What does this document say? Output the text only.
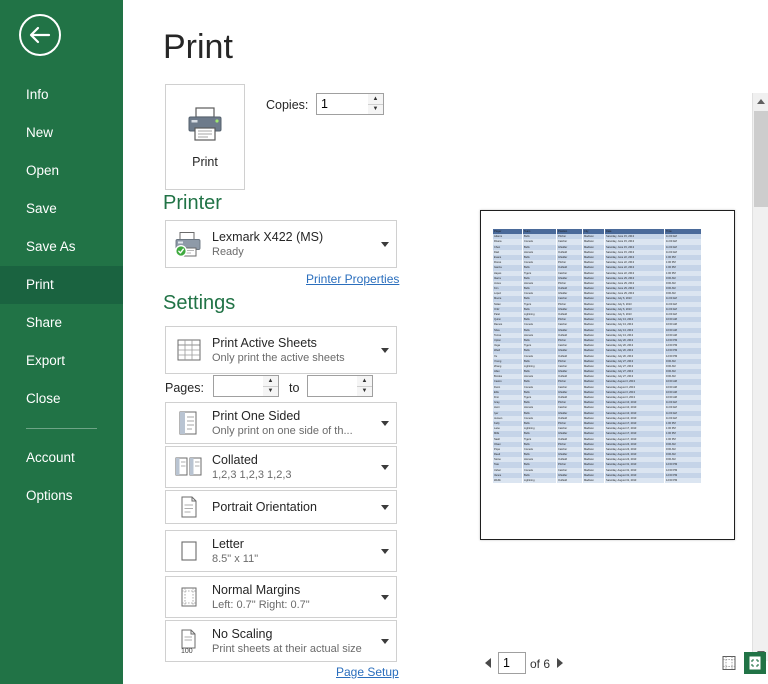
Info
New
Open
Save
Save As
Print
Share
Export
Close
Account
Options
Print
Print
Copies:
1	▲
▼
Printer
Lexmark X422 (MS)
Ready
Printer Properties
Settings
Print Active Sheets
Only print the active sheets
Pages:
▲
▼	to
▲
▼
Print One Sided
Only print on one side of th...
Collated
1,2,3 1,2,3 1,2,3
Portrait Orientation
Letter
8.5" x 11"
Normal Margins
Left: 0.7" Right: 0.7"
100
No Scaling
Print sheets at their actual size
Page Setup
Player	Team	Position	City	Date	Time
Adams	Bulls	Pitcher	Madison	Saturday, June 15, 2013	11:00 AM
Rivera	Comets	Catcher	Madison	Saturday, June 15, 2013	11:00 AM
Chen	Bulls	Infielder	Madison	Saturday, June 15, 2013	11:00 AM
Diaz	Hornets	Outfield	Madison	Saturday, June 15, 2013	11:00 AM
Evans	Bulls	Infielder	Madison	Saturday, June 22, 2013	1:00 PM
Flores	Comets	Pitcher	Madison	Saturday, June 22, 2013	1:00 PM
Garcia	Bulls	Outfield	Madison	Saturday, June 22, 2013	1:00 PM
Hayes	Tigers	Catcher	Madison	Saturday, June 22, 2013	1:00 PM
Ibarra	Bulls	Infielder	Madison	Saturday, June 29, 2013	9:00 AM
Jones	Hornets	Pitcher	Madison	Saturday, June 29, 2013	9:00 AM
Kim	Bulls	Outfield	Madison	Saturday, June 29, 2013	9:00 AM
Lopez	Comets	Infielder	Madison	Saturday, June 29, 2013	9:00 AM
Moore	Bulls	Catcher	Madison	Saturday, July 6, 2013	11:00 AM
Nolan	Tigers	Pitcher	Madison	Saturday, July 6, 2013	11:00 AM
Ortiz	Bulls	Infielder	Madison	Saturday, July 6, 2013	11:00 AM
Patel	Lightning	Outfield	Madison	Saturday, July 6, 2013	11:00 AM
Quinn	Bulls	Pitcher	Madison	Saturday, July 13, 2013	10:00 AM
Ramos	Comets	Catcher	Madison	Saturday, July 13, 2013	10:00 AM
Silva	Bulls	Infielder	Madison	Saturday, July 13, 2013	10:00 AM
Torres	Hornets	Outfield	Madison	Saturday, July 13, 2013	10:00 AM
Upton	Bulls	Pitcher	Madison	Saturday, July 20, 2013	12:00 PM
Vega	Tigers	Catcher	Madison	Saturday, July 20, 2013	12:00 PM
Ward	Bulls	Infielder	Madison	Saturday, July 20, 2013	12:00 PM
Xu	Comets	Outfield	Madison	Saturday, July 20, 2013	12:00 PM
Young	Bulls	Pitcher	Madison	Saturday, July 27, 2013	9:00 AM
Zhang	Lightning	Catcher	Madison	Saturday, July 27, 2013	9:00 AM
Allen	Bulls	Infielder	Madison	Saturday, July 27, 2013	9:00 AM
Brooks	Hornets	Outfield	Madison	Saturday, July 27, 2013	9:00 AM
Castro	Bulls	Pitcher	Madison	Saturday, August 3, 2013	10:00 AM
Dunn	Comets	Catcher	Madison	Saturday, August 3, 2013	10:00 AM
Ellis	Bulls	Infielder	Madison	Saturday, August 3, 2013	10:00 AM
Finn	Tigers	Outfield	Madison	Saturday, August 3, 2013	10:00 AM
Gray	Bulls	Pitcher	Madison	Saturday, August 10, 2013	11:00 AM
Hunt	Hornets	Catcher	Madison	Saturday, August 10, 2013	11:00 AM
Iyer	Bulls	Infielder	Madison	Saturday, August 10, 2013	11:00 AM
Jensen	Comets	Outfield	Madison	Saturday, August 10, 2013	11:00 AM
Kelly	Bulls	Pitcher	Madison	Saturday, August 17, 2013	1:00 PM
Lane	Lightning	Catcher	Madison	Saturday, August 17, 2013	1:00 PM
Mills	Bulls	Infielder	Madison	Saturday, August 17, 2013	1:00 PM
Nash	Tigers	Outfield	Madison	Saturday, August 17, 2013	1:00 PM
Olsen	Bulls	Pitcher	Madison	Saturday, August 24, 2013	9:00 AM
Pope	Comets	Catcher	Madison	Saturday, August 24, 2013	9:00 AM
Reed	Bulls	Infielder	Madison	Saturday, August 24, 2013	9:00 AM
Stone	Hornets	Outfield	Madison	Saturday, August 24, 2013	9:00 AM
Tate	Bulls	Pitcher	Madison	Saturday, August 31, 2013	12:00 PM
Usher	Comets	Catcher	Madison	Saturday, August 31, 2013	12:00 PM
Vance	Bulls	Infielder	Madison	Saturday, August 31, 2013	12:00 PM
Webb	Lightning	Outfield	Madison	Saturday, August 31, 2013	12:00 PM
1
of 6
